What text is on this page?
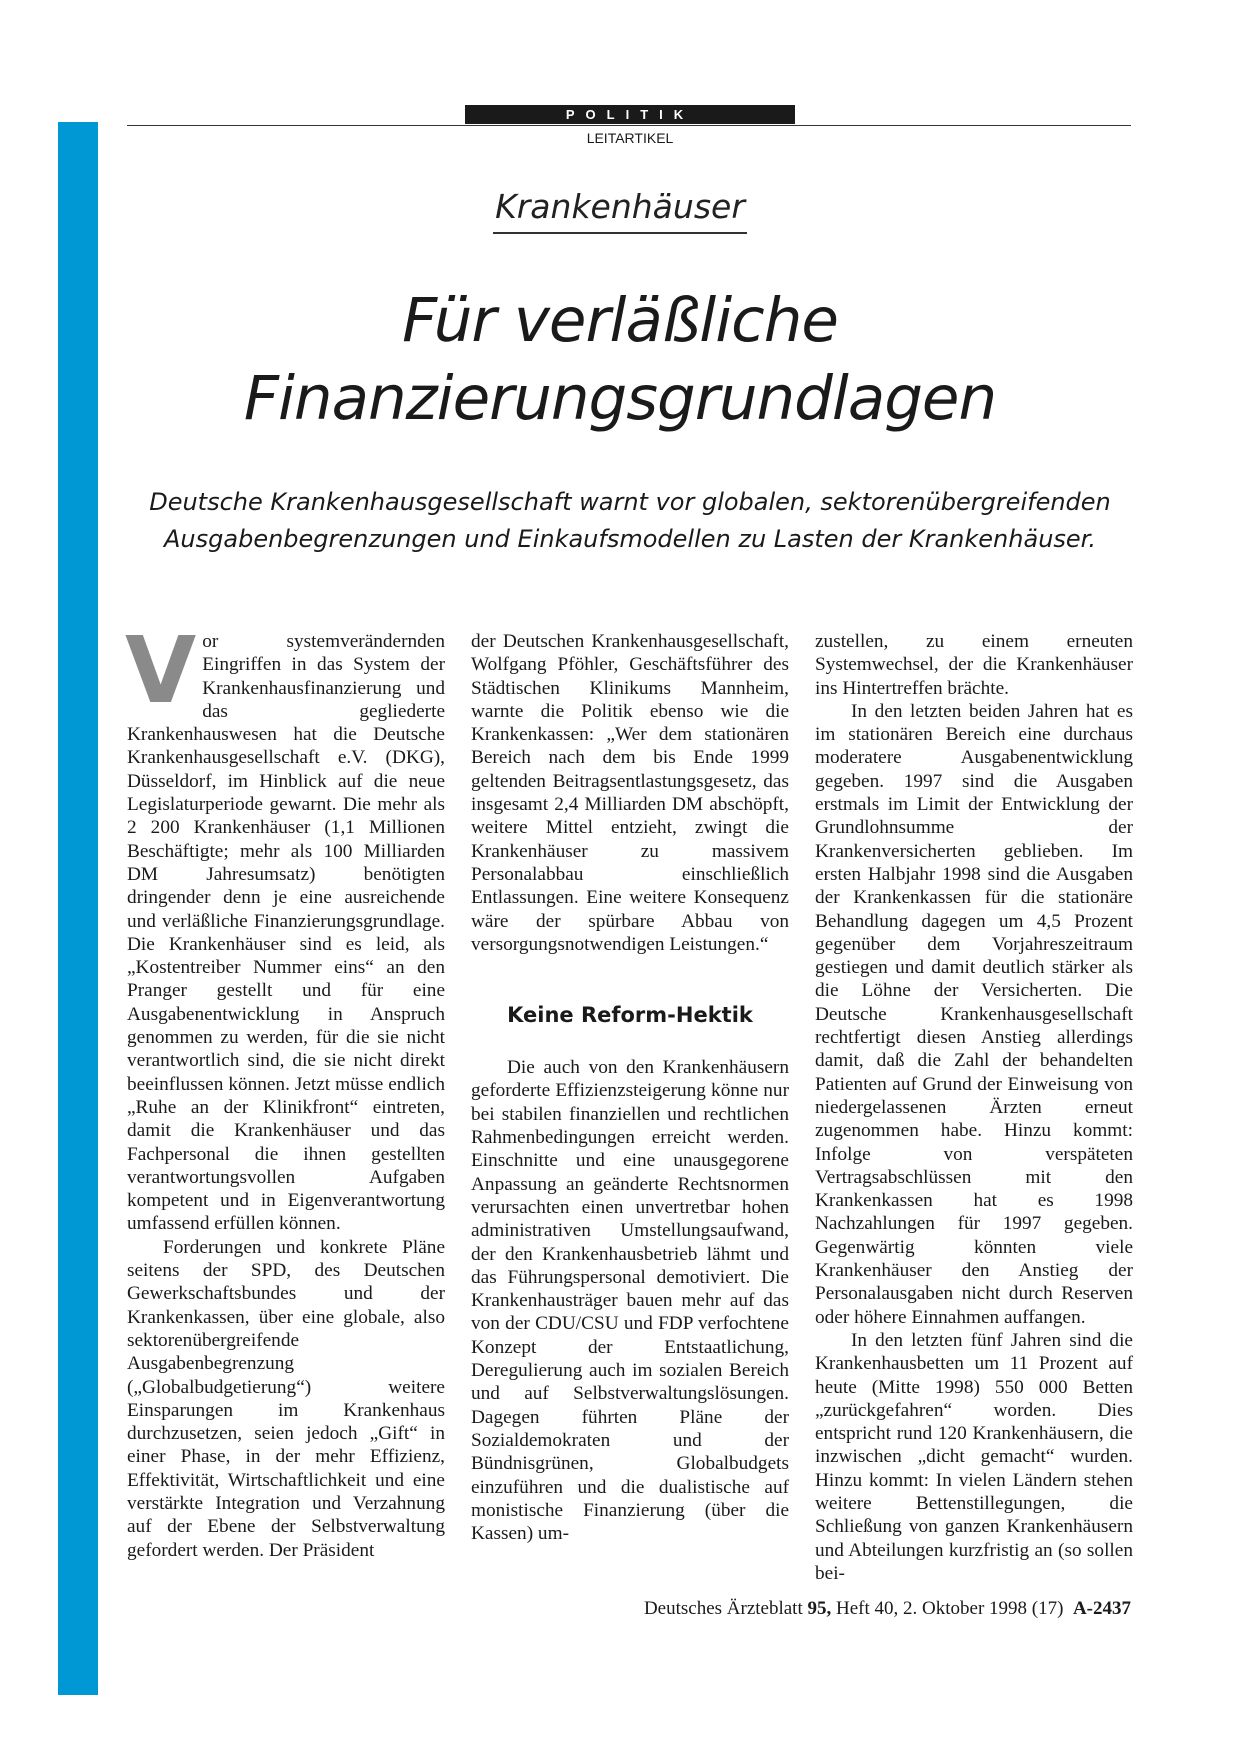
POLITIK
LEITARTIKEL
Krankenhäuser
Für verläßliche
Finanzierungsgrundlagen
Deutsche Krankenhausgesellschaft warnt vor globalen, sektorenübergreifenden
Ausgabenbegrenzungen und Einkaufsmodellen zu Lasten der Krankenhäuser.

Vor systemverändernden Eingriffen in das System der Krankenhausfinanzierung und das gegliederte Krankenhauswesen hat die Deutsche Krankenhausgesellschaft e.V. (DKG), Düsseldorf, im Hinblick auf die neue Legislaturperiode gewarnt. Die mehr als 2 200 Krankenhäuser (1,1 Millionen Beschäftigte; mehr als 100 Milliarden DM Jahresumsatz) benötigten dringender denn je eine ausreichende und verläßliche Finanzierungsgrundlage. Die Krankenhäuser sind es leid, als „Kostentreiber Nummer eins“ an den Pranger gestellt und für eine Ausgabenentwicklung in Anspruch genommen zu werden, für die sie nicht verantwortlich sind, die sie nicht direkt beeinflussen können. Jetzt müsse endlich „Ruhe an der Klinikfront“ eintreten, damit die Krankenhäuser und das Fachpersonal die ihnen gestellten verantwortungsvollen Aufgaben kompetent und in Eigenverantwortung umfassend erfüllen können.

Forderungen und konkrete Pläne seitens der SPD, des Deutschen Gewerkschaftsbundes und der Krankenkassen, über eine globale, also sektorenübergreifende Ausgabenbegrenzung („Globalbudgetierung“) weitere Einsparungen im Krankenhaus durchzusetzen, seien jedoch „Gift“ in einer Phase, in der mehr Effizienz, Effektivität, Wirtschaftlichkeit und eine verstärkte Integration und Verzahnung auf der Ebene der Selbstverwaltung gefordert werden. Der Präsident

der Deutschen Krankenhausgesellschaft, Wolfgang Pföhler, Geschäftsführer des Städtischen Klinikums Mannheim, warnte die Politik ebenso wie die Krankenkassen: „Wer dem stationären Bereich nach dem bis Ende 1999 geltenden Beitragsentlastungsgesetz, das insgesamt 2,4 Milliarden DM abschöpft, weitere Mittel entzieht, zwingt die Krankenhäuser zu massivem Personalabbau einschließlich Entlassungen. Eine weitere Konsequenz wäre der spürbare Abbau von versorgungsnotwendigen Leistungen.“

Keine Reform-Hektik

Die auch von den Krankenhäusern geforderte Effizienzsteigerung könne nur bei stabilen finanziellen und rechtlichen Rahmenbedingungen erreicht werden. Einschnitte und eine unausgegorene Anpassung an geänderte Rechtsnormen verursachten einen unvertretbar hohen administrativen Umstellungsaufwand, der den Krankenhausbetrieb lähmt und das Führungspersonal demotiviert. Die Krankenhausträger bauen mehr auf das von der CDU/CSU und FDP verfochtene Konzept der Entstaatlichung, Deregulierung auch im sozialen Bereich und auf Selbstverwaltungslösungen. Dagegen führten Pläne der Sozialdemokraten und der Bündnisgrünen, Globalbudgets einzuführen und die dualistische auf monistische Finanzierung (über die Kassen) um-

zustellen, zu einem erneuten Systemwechsel, der die Krankenhäuser ins Hintertreffen brächte.

In den letzten beiden Jahren hat es im stationären Bereich eine durchaus moderatere Ausgabenentwicklung gegeben. 1997 sind die Ausgaben erstmals im Limit der Entwicklung der Grundlohnsumme der Krankenversicherten geblieben. Im ersten Halbjahr 1998 sind die Ausgaben der Krankenkassen für die stationäre Behandlung dagegen um 4,5 Prozent gegenüber dem Vorjahreszeitraum gestiegen und damit deutlich stärker als die Löhne der Versicherten. Die Deutsche Krankenhausgesellschaft rechtfertigt diesen Anstieg allerdings damit, daß die Zahl der behandelten Patienten auf Grund der Einweisung von niedergelassenen Ärzten erneut zugenommen habe. Hinzu kommt: Infolge von verspäteten Vertragsabschlüssen mit den Krankenkassen hat es 1998 Nachzahlungen für 1997 gegeben. Gegenwärtig könnten viele Krankenhäuser den Anstieg der Personalausgaben nicht durch Reserven oder höhere Einnahmen auffangen.

In den letzten fünf Jahren sind die Krankenhausbetten um 11 Prozent auf heute (Mitte 1998) 550 000 Betten „zurückgefahren“ worden. Dies entspricht rund 120 Krankenhäusern, die inzwischen „dicht gemacht“ wurden. Hinzu kommt: In vielen Ländern stehen weitere Bettenstillegungen, die Schließung von ganzen Krankenhäusern und Abteilungen kurzfristig an (so sollen bei-

Deutsches Ärzteblatt 95, Heft 40, 2. Oktober 1998 (17) A-2437
